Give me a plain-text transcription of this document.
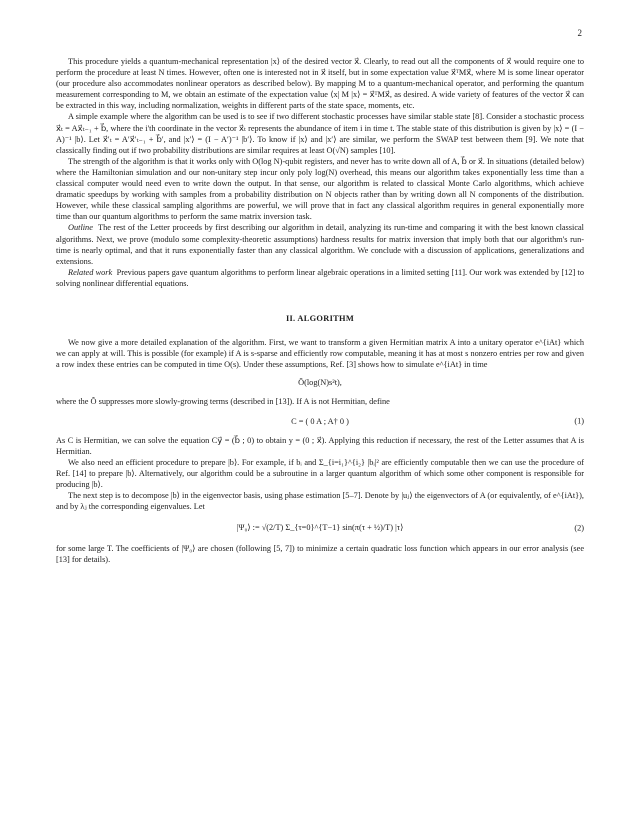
2

This procedure yields a quantum-mechanical representation |x⟩ of the desired vector x⃗. Clearly, to read out all the components of x⃗ would require one to perform the procedure at least N times. However, often one is interested not in x⃗ itself, but in some expectation value x⃗ᵀMx⃗, where M is some linear operator (our procedure also accommodates nonlinear operators as described below). By mapping M to a quantum-mechanical operator, and performing the quantum measurement corresponding to M, we obtain an estimate of the expectation value ⟨x| M |x⟩ = x⃗ᵀMx⃗, as desired. A wide variety of features of the vector x⃗ can be extracted in this way, including normalization, weights in different parts of the state space, moments, etc.

A simple example where the algorithm can be used is to see if two different stochastic processes have similar stable state [8]. Consider a stochastic process x⃗ₜ = Ax⃗ₜ₋₁ + b⃗, where the i'th coordinate in the vector x⃗ₜ represents the abundance of item i in time t. The stable state of this distribution is given by |x⟩ = (I − A)⁻¹ |b⟩. Let x⃗′ₜ = A′x⃗′ₜ₋₁ + b⃗′, and |x′⟩ = (I − A′)⁻¹ |b′⟩. To know if |x⟩ and |x′⟩ are similar, we perform the SWAP test between them [9]. We note that classically finding out if two probability distributions are similar requires at least O(√N) samples [10].

The strength of the algorithm is that it works only with O(log N)-qubit registers, and never has to write down all of A, b⃗ or x⃗. In situations (detailed below) where the Hamiltonian simulation and our non-unitary step incur only poly log(N) overhead, this means our algorithm takes exponentially less time than a classical computer would need even to write down the output. In that sense, our algorithm is related to classical Monte Carlo algorithms, which achieve dramatic speedups by working with samples from a probability distribution on N objects rather than by writing down all N components of the distribution. However, while these classical sampling algorithms are powerful, we will prove that in fact any classical algorithm requires in general exponentially more time than our quantum algorithms to perform the same matrix inversion task.

Outline The rest of the Letter proceeds by first describing our algorithm in detail, analyzing its run-time and comparing it with the best known classical algorithms. Next, we prove (modulo some complexity-theoretic assumptions) hardness results for matrix inversion that imply both that our algorithm's run-time is nearly optimal, and that it runs exponentially faster than any classical algorithm. We conclude with a discussion of applications, generalizations and extensions.

Related work Previous papers gave quantum algorithms to perform linear algebraic operations in a limited setting [11]. Our work was extended by [12] to solving nonlinear differential equations.

II. ALGORITHM

We now give a more detailed explanation of the algorithm. First, we want to transform a given Hermitian matrix A into a unitary operator e^{iAt} which we can apply at will. This is possible (for example) if A is s-sparse and efficiently row computable, meaning it has at most s nonzero entries per row and given a row index these entries can be computed in time O(s). Under these assumptions, Ref. [3] shows how to simulate e^{iAt} in time

Õ(log(N)s²t),

where the Õ suppresses more slowly-growing terms (described in [13]). If A is not Hermitian, define

C = ( 0 A ; A† 0 )	(1)

As C is Hermitian, we can solve the equation Cy⃗ = (b⃗ ; 0) to obtain y = (0 ; x⃗). Applying this reduction if necessary, the rest of the Letter assumes that A is Hermitian.

We also need an efficient procedure to prepare |b⟩. For example, if bᵢ and Σ_{i=i₁}^{i₂} |bᵢ|² are efficiently computable then we can use the procedure of Ref. [14] to prepare |b⟩. Alternatively, our algorithm could be a subroutine in a larger quantum algorithm of which some other component is responsible for producing |b⟩.

The next step is to decompose |b⟩ in the eigenvector basis, using phase estimation [5–7]. Denote by |uⱼ⟩ the eigenvectors of A (or equivalently, of e^{iAt}), and by λⱼ the corresponding eigenvalues. Let

|Ψ₀⟩ := √(2/T) Σ_{τ=0}^{T−1} sin(π(τ + ½)/T) |τ⟩	(2)

for some large T. The coefficients of |Ψ₀⟩ are chosen (following [5, 7]) to minimize a certain quadratic loss function which appears in our error analysis (see [13] for details).
